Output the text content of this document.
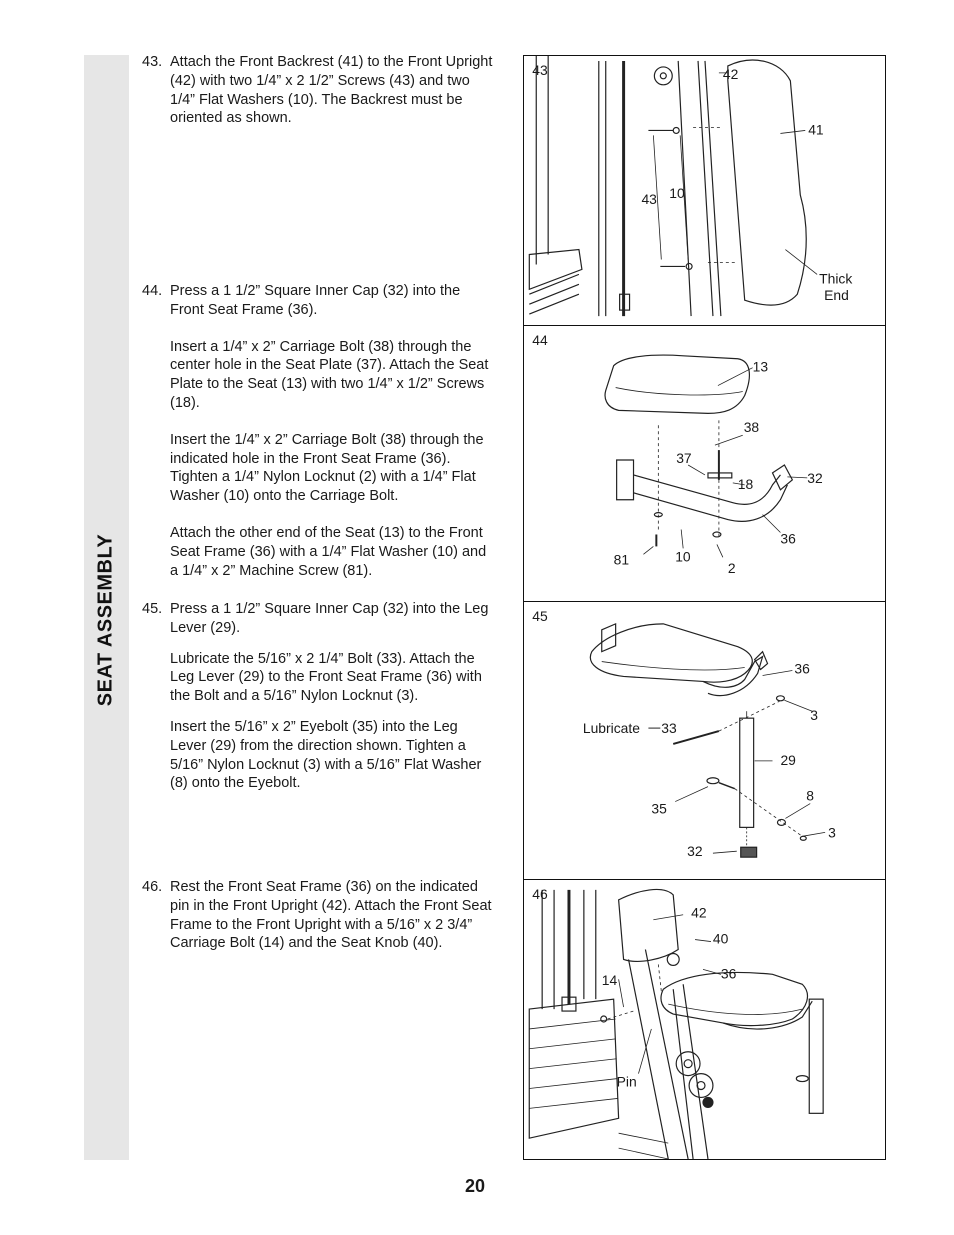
SEAT ASSEMBLY
43. Attach the Front Backrest (41) to the Front Upright (42) with two 1/4” x 2 1/2” Screws (43) and two 1/4” Flat Washers (10). The Backrest must be oriented as shown.

44. Press a 1 1/2” Square Inner Cap (32) into the Front Seat Frame (36).

Insert a 1/4” x 2” Carriage Bolt (38) through the center hole in the Seat Plate (37). Attach the Seat Plate to the Seat (13) with two 1/4” x 1/2” Screws (18).

Insert the 1/4” x 2” Carriage Bolt (38) through the indicated hole in the Front Seat Frame (36). Tighten a 1/4” Nylon Locknut (2) with a 1/4” Flat Washer (10) onto the Carriage Bolt.

Attach the other end of the Seat (13) to the Front Seat Frame (36) with a 1/4” Flat Washer (10) and a 1/4” x 2” Machine Screw (81).

45. Press a 1 1/2” Square Inner Cap (32) into the Leg Lever (29).

Lubricate the 5/16” x 2 1/4” Bolt (33). Attach the Leg Lever (29) to the Front Seat Frame (36) with the Bolt and a 5/16” Nylon Locknut (3).

Insert the 5/16” x 2” Eyebolt (35) into the Leg Lever (29) from the direction shown. Tighten a 5/16” Nylon Locknut (3) with a 5/16” Flat Washer (8) onto the Eyebolt.

46. Rest the Front Seat Frame (36) on the indicated pin in the Front Upright (42). Attach the Front Seat Frame to the Front Upright with a 5/16” x 2 3/4” Carriage Bolt (14) and the Seat Knob (40).

43	42
41
43 10
Thick
End
44
13
38
37
18	32
36
81	10
2
45
36
3
Lubricate 33
29
8
35
3
32
46
42
40
36
14
Pin
20
